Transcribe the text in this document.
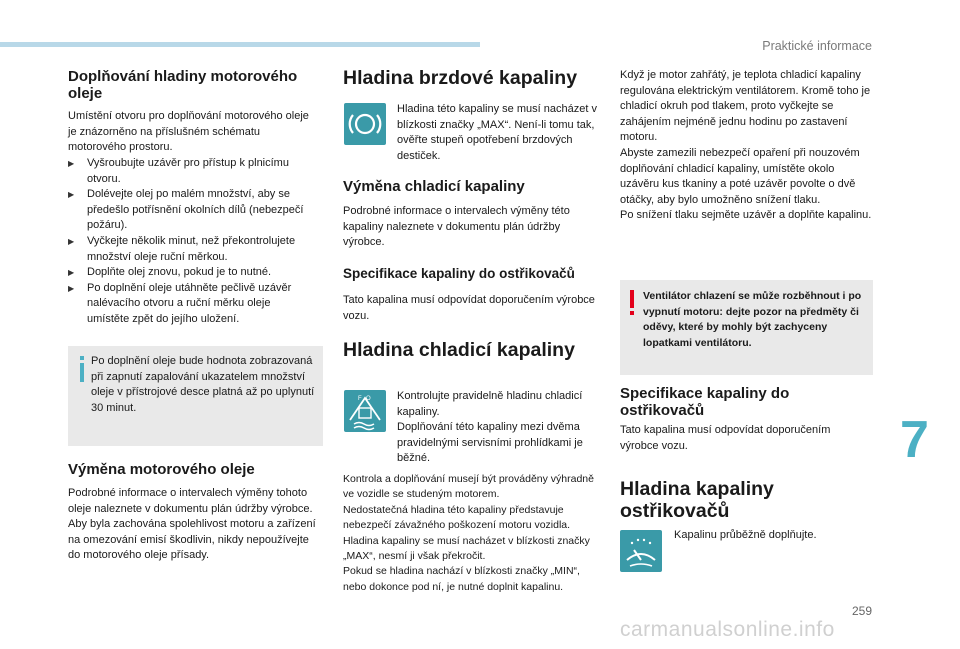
Praktické informace
Doplňování hladiny motorového oleje

Umístění otvoru pro doplňování motorového oleje je znázorněno na příslušném schématu motorového prostoru.

▶ Vyšroubujte uzávěr pro přístup k plnicímu otvoru.
▶ Dolévejte olej po malém množství, aby se předešlo potřísnění okolních dílů (nebezpečí požáru).
▶ Vyčkejte několik minut, než překontrolujete množství oleje ruční měrkou.
▶ Doplňte olej znovu, pokud je to nutné.
▶ Po doplnění oleje utáhněte pečlivě uzávěr nalévacího otvoru a ruční měrku oleje umístěte zpět do jejího uložení.

Po doplnění oleje bude hodnota zobrazovaná při zapnutí zapalování ukazatelem množství oleje v přístrojové desce platná až po uplynutí 30 minut.

Výměna motorového oleje

Podrobné informace o intervalech výměny tohoto oleje naleznete v dokumentu plán údržby výrobce.
Aby byla zachována spolehlivost motoru a zařízení na omezování emisí škodlivin, nikdy nepoužívejte do motorového oleje přísady.

Hladina brzdové kapaliny

Hladina této kapaliny se musí nacházet v blízkosti značky „MAX“. Není-li tomu tak, ověřte stupeň opotřebení brzdových destiček.

Výměna chladicí kapaliny

Podrobné informace o intervalech výměny této kapaliny naleznete v dokumentu plán údržby výrobce.

Specifikace kapaliny do ostřikovačů

Tato kapalina musí odpovídat doporučením výrobce vozu.

Hladina chladicí kapaliny
F O Kontrolujte pravidelně hladinu chladicí kapaliny.
Doplňování této kapaliny mezi dvěma pravidelnými servisními prohlídkami je běžné.

Kontrola a doplňování musejí být prováděny výhradně ve vozidle se studeným motorem.
Nedostatečná hladina této kapaliny představuje nebezpečí závažného poškození motoru vozidla.
Hladina kapaliny se musí nacházet v blízkosti značky „MAX“, nesmí ji však překročit.
Pokud se hladina nachází v blízkosti značky „MIN“, nebo dokonce pod ní, je nutné doplnit kapalinu.

Když je motor zahřátý, je teplota chladicí kapaliny regulována elektrickým ventilátorem. Kromě toho je chladicí okruh pod tlakem, proto vyčkejte se zahájením nejméně jednu hodinu po zastavení motoru.
Abyste zamezili nebezpečí opaření při nouzovém doplňování chladicí kapaliny, umístěte okolo uzávěru kus tkaniny a poté uzávěr povolte o dvě otáčky, aby bylo umožněno snížení tlaku.
Po snížení tlaku sejměte uzávěr a doplňte kapalinu.

Ventilátor chlazení se může rozběhnout i po vypnutí motoru: dejte pozor na předměty či oděvy, které by mohly být zachyceny lopatkami ventilátoru.

Specifikace kapaliny do ostřikovačů

Tato kapalina musí odpovídat doporučením výrobce vozu.

Hladina kapaliny ostřikovačů

Kapalinu průběžně doplňujte.

7
259
carmanualsonline.info
